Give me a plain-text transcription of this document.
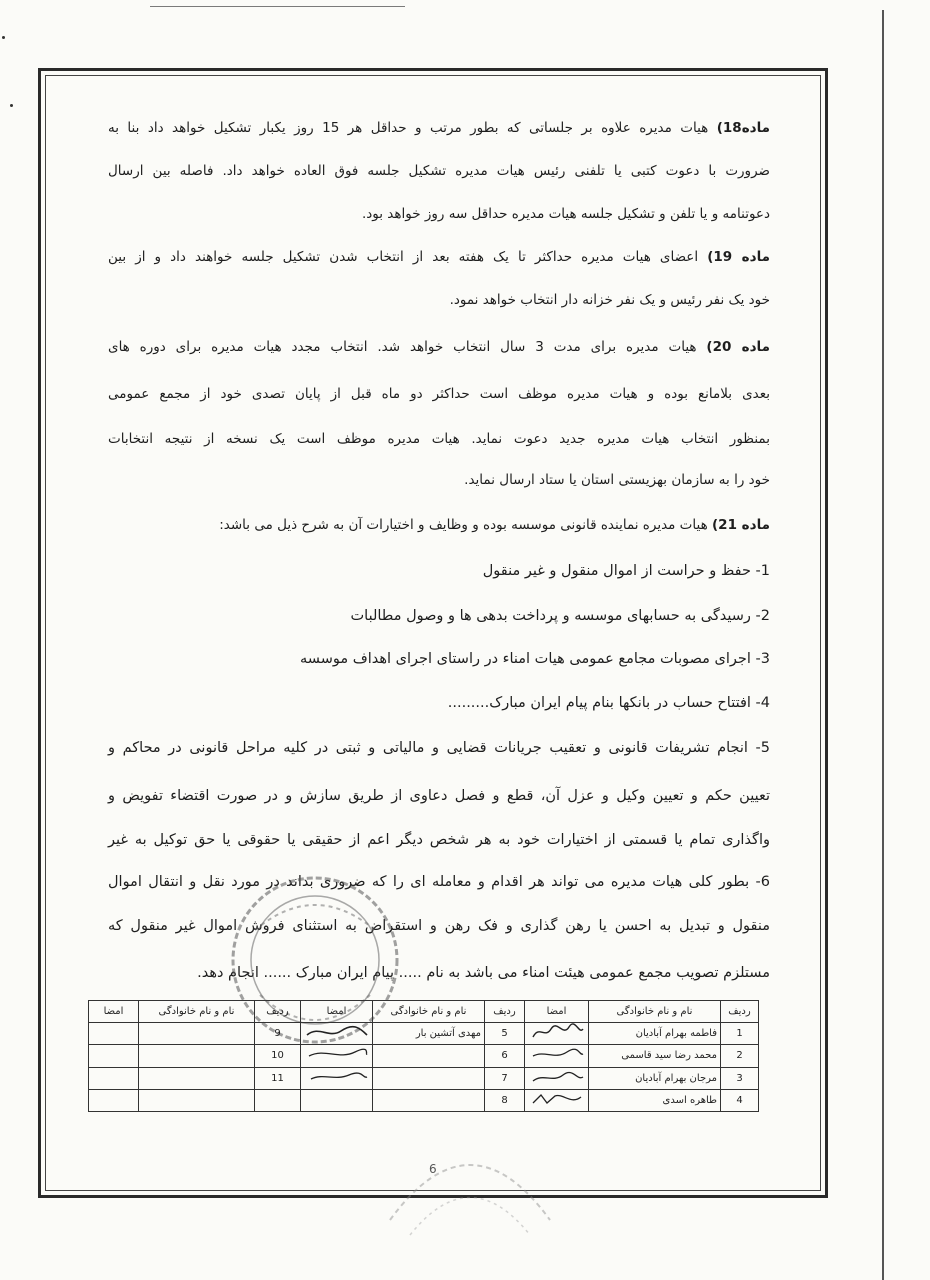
ماده18) هیات مدیره علاوه بر جلساتی که بطور مرتب و حداقل هر 15 روز یکبار تشکیل خواهد داد بنا به
ضرورت با دعوت کتبی یا تلفنی رئیس هیات مدیره تشکیل جلسه فوق العاده خواهد داد. فاصله بین ارسال
دعوتنامه و یا تلفن و تشکیل جلسه هیات مدیره حداقل سه روز خواهد بود.
ماده 19) اعضای هیات مدیره حداکثر تا یک هفته بعد از انتخاب شدن تشکیل جلسه خواهند داد و از بین
خود یک نفر رئیس و یک نفر خزانه دار انتخاب خواهد نمود.
ماده 20) هیات مدیره برای مدت 3 سال انتخاب خواهد شد. انتخاب مجدد هیات مدیره برای دوره های
بعدی بلامانع بوده و هیات مدیره موظف است حداکثر دو ماه قبل از پایان تصدی خود از مجمع عمومی
بمنظور انتخاب هیات مدیره جدید دعوت نماید. هیات مدیره موظف است یک نسخه از نتیجه انتخابات
خود را به سازمان بهزیستی استان یا ستاد ارسال نماید.
ماده 21) هیات مدیره نماینده قانونی موسسه بوده و وظایف و اختیارات آن به شرح ذیل می باشد:
1- حفظ و حراست از اموال منقول و غیر منقول
2- رسیدگی به حسابهای موسسه و پرداخت بدهی ها و وصول مطالبات
3- اجرای مصوبات مجامع عمومی هیات امناء در راستای اجرای اهداف موسسه
4- افتتاح حساب در بانکها بنام پیام ایران مبارک.........
5- انجام تشریفات قانونی و تعقیب جریانات قضایی و مالیاتی و ثبتی در کلیه مراحل قانونی در محاکم و
تعیین حکم و تعیین وکیل و عزل آن، قطع و فصل دعاوی از طریق سازش و در صورت اقتضاء تفویض و
واگذاری تمام یا قسمتی از اختیارات خود به هر شخص دیگر اعم از حقیقی یا حقوقی یا حق توکیل به غیر
6- بطور کلی هیات مدیره می تواند هر اقدام و معامله ای را که ضروری بداند در مورد نقل و انتقال اموال
منقول و تبدیل به احسن یا رهن گذاری و فک رهن و استقراض به استثنای فروش اموال غیر منقول که
مستلزم تصویب مجمع عمومی هیئت امناء می باشد به نام ..... پیام ایران مبارک ...... انجام دهد.
ردیف	نام و نام خانوادگی	امضا	ردیف	نام و نام خانوادگی	امضا	ردیف	نام و نام خانوادگی	امضا
1	فاطمه بهرام آبادیان		5	مهدی آتشین بار		9		
2	محمد رضا سید قاسمی		6			10		
3	مرجان بهرام آبادیان		7			11		
4	طاهره اسدی		8					
6
